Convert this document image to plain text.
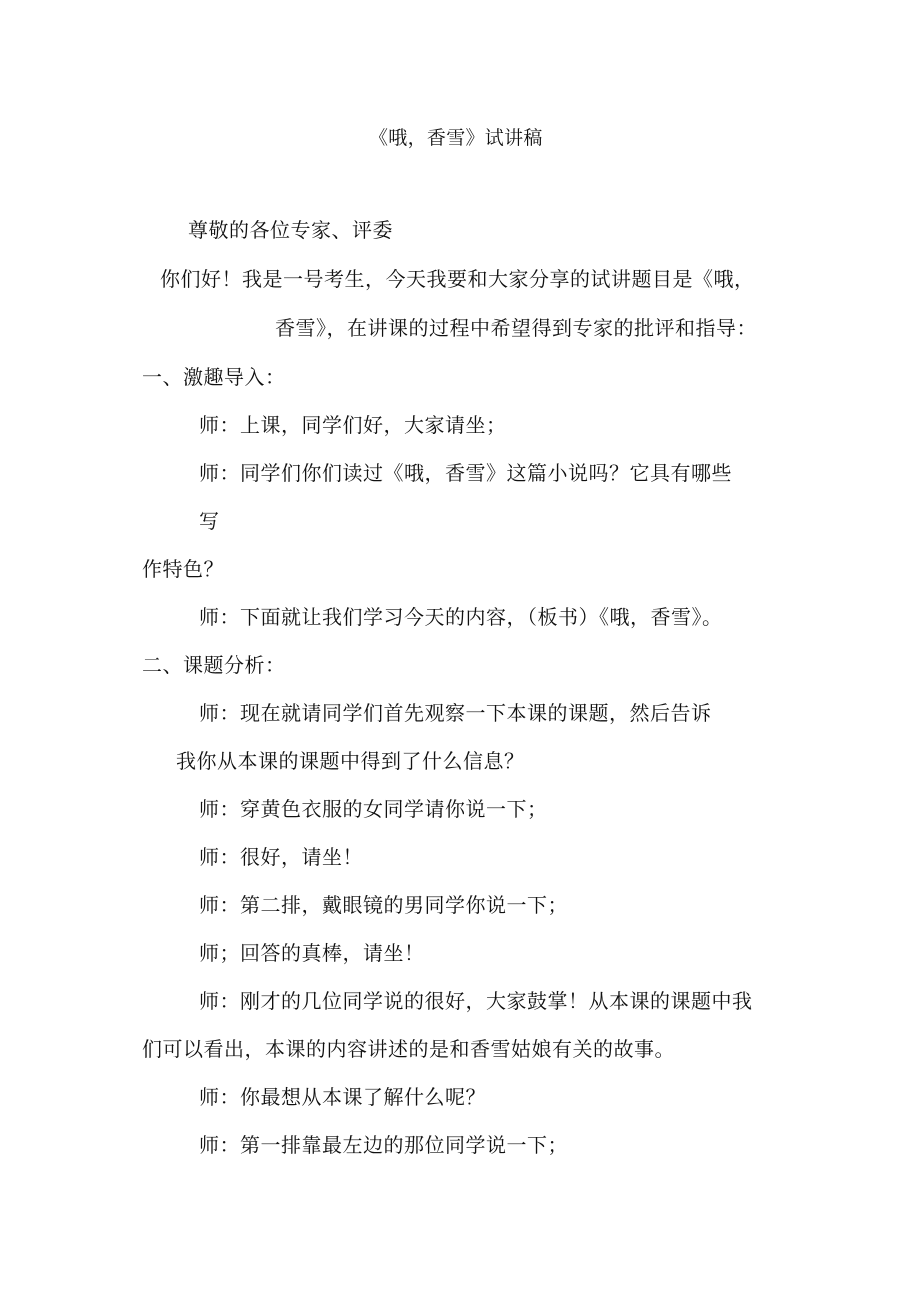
《哦，香雪》试讲稿
尊敬的各位专家、评委
你们好！我是一号考生，今天我要和大家分享的试讲题目是《哦，
香雪》，在讲课的过程中希望得到专家的批评和指导：
一、激趣导入：
师：上课，同学们好，大家请坐；
师：同学们你们读过《哦，香雪》这篇小说吗？它具有哪些
写
作特色？
师：下面就让我们学习今天的内容，（板书）《哦，香雪》。
二、课题分析：
师：现在就请同学们首先观察一下本课的课题，然后告诉
我你从本课的课题中得到了什么信息？
师：穿黄色衣服的女同学请你说一下；
师：很好，请坐！
师：第二排，戴眼镜的男同学你说一下；
师；回答的真棒，请坐！
师：刚才的几位同学说的很好，大家鼓掌！从本课的课题中我
们可以看出，本课的内容讲述的是和香雪姑娘有关的故事。
师：你最想从本课了解什么呢？
师：第一排靠最左边的那位同学说一下；
